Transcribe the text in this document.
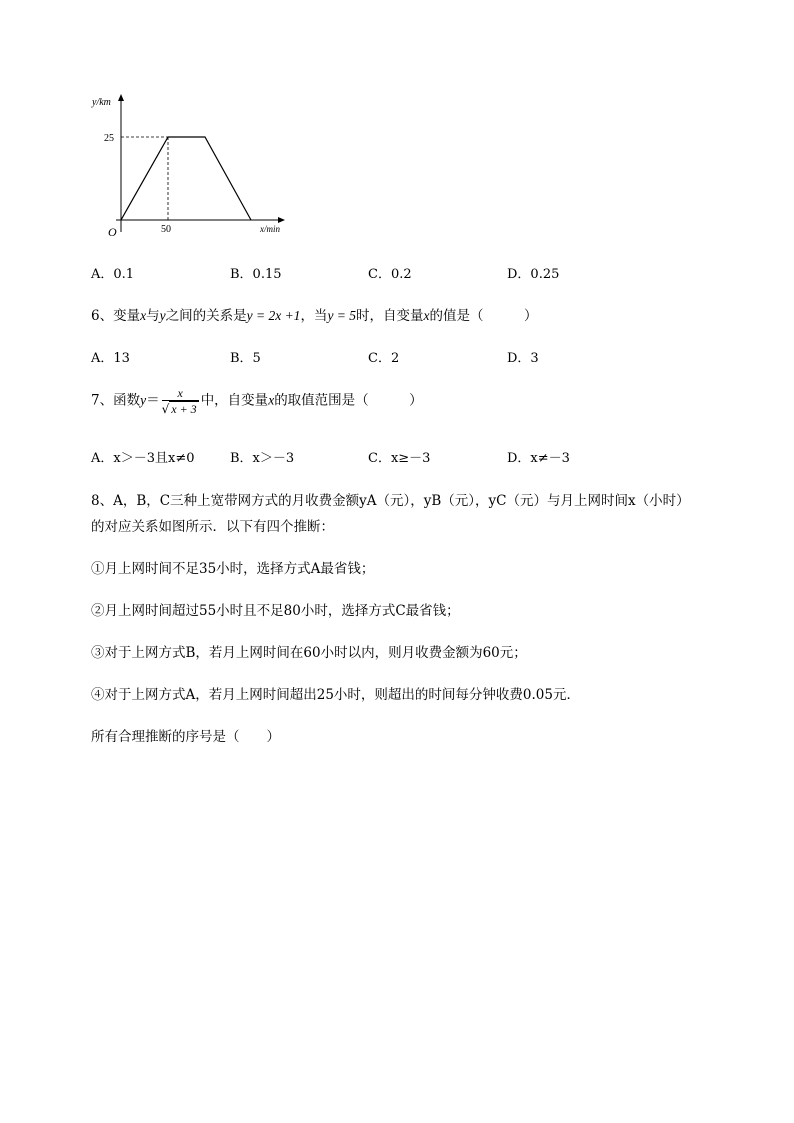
y/km
25
O	50	x/min
A．0.1	B．0.15	C．0.2	D．0.25
6、变量x与y之间的关系是y = 2x +1，当y = 5时，自变量x的值是（　　　）
A．13	B．5	C．2	D．3
7、函数$y= \frac{x}{√ x + 3}$ 中，自变量x的取值范围是（　　　）
A．x＞－3且x≠0	B．x＞－3	C．x≥－3	D．x≠－3
8、A，B，C三种上宽带网方式的月收费金额yA（元），yB（元），yC（元）与月上网时间x（小时）
的对应关系如图所示．以下有四个推断：
①月上网时间不足35小时，选择方式A最省钱；
②月上网时间超过55小时且不足80小时，选择方式C最省钱；
③对于上网方式B，若月上网时间在60小时以内，则月收费金额为60元；
④对于上网方式A，若月上网时间超出25小时，则超出的时间每分钟收费0.05元．
所有合理推断的序号是（　　）
